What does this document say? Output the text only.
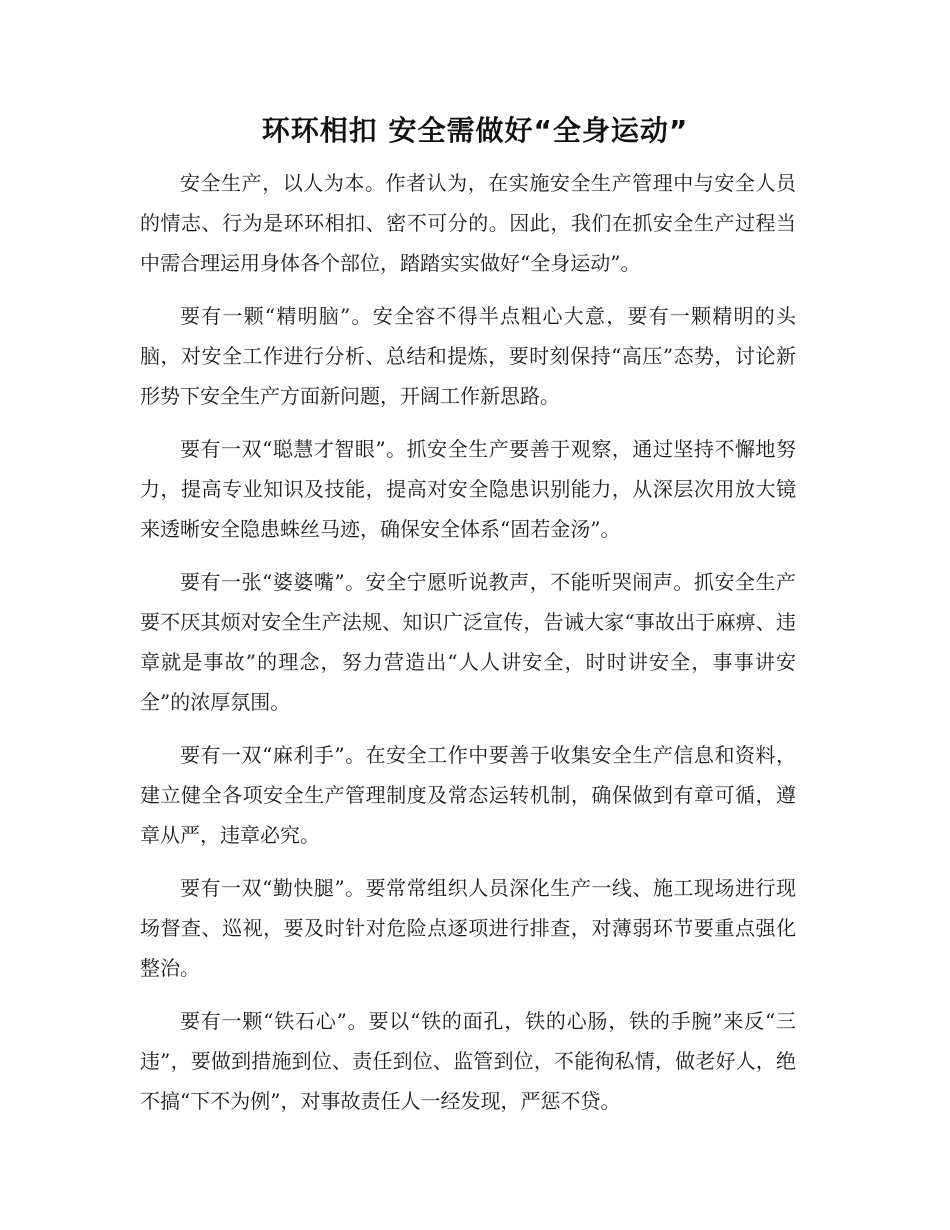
环环相扣 安全需做好“全身运动”

安全生产，以人为本。作者认为，在实施安全生产管理中与安全人员的情志、行为是环环相扣、密不可分的。因此，我们在抓安全生产过程当中需合理运用身体各个部位，踏踏实实做好“全身运动”。

要有一颗“精明脑”。安全容不得半点粗心大意，要有一颗精明的头脑，对安全工作进行分析、总结和提炼，要时刻保持“高压”态势，讨论新形势下安全生产方面新问题，开阔工作新思路。

要有一双“聪慧才智眼”。抓安全生产要善于观察，通过坚持不懈地努力，提高专业知识及技能，提高对安全隐患识别能力，从深层次用放大镜来透晰安全隐患蛛丝马迹，确保安全体系“固若金汤”。

要有一张“婆婆嘴”。安全宁愿听说教声，不能听哭闹声。抓安全生产要不厌其烦对安全生产法规、知识广泛宣传，告诫大家“事故出于麻痹、违章就是事故”的理念，努力营造出“人人讲安全，时时讲安全，事事讲安全”的浓厚氛围。

要有一双“麻利手”。在安全工作中要善于收集安全生产信息和资料，建立健全各项安全生产管理制度及常态运转机制，确保做到有章可循，遵章从严，违章必究。

要有一双“勤快腿”。要常常组织人员深化生产一线、施工现场进行现场督查、巡视，要及时针对危险点逐项进行排查，对薄弱环节要重点强化整治。

要有一颗“铁石心”。要以“铁的面孔，铁的心肠，铁的手腕”来反“三违”，要做到措施到位、责任到位、监管到位，不能徇私情，做老好人，绝不搞“下不为例”，对事故责任人一经发现，严惩不贷。
